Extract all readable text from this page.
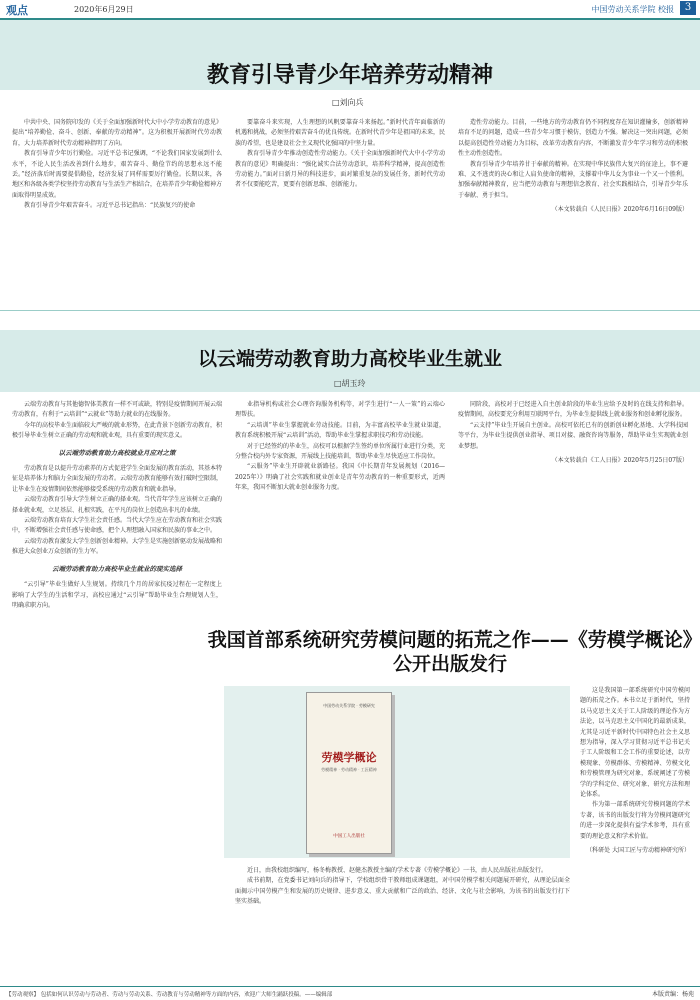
观点	2020年6月29日	中国劳动关系学院 校报	3
教育引导青少年培养劳动精神
□刘向兵

中共中央、国务院印发的《关于全面加强新时代大中小学劳动教育的意见》提出“培养勤俭、奋斗、创新、奉献的劳动精神”。这为积极开展新时代劳动教育，大力培养新时代劳动精神指明了方向。

教育引导青少年厉行勤俭。习近平总书记强调，“不论我们国家发展到什么水平，不论人民生活改善到什么地步，艰苦奋斗、勤俭节约的思想永远不能丢。”经济落后时需要提倡勤俭，经济发展了同样需要厉行勤俭。长期以来，各地区和各级各类学校坚持劳动教育与生活生产相结合，在培养青少年勤俭精神方面取得明显成效。

教育引导青少年艰苦奋斗。习近平总书记指出：“民族复兴的使命

要靠奋斗来实现，人生理想的风帆要靠奋斗来扬起。”新时代青年面临新的机遇和挑战，必须坚持艰苦奋斗的优良传统。在新时代青少年是祖国的未来，民族的希望，也是建设社会主义现代化强国的中坚力量。

教育引导青少年推动创造性劳动能力。《关于全面加强新时代大中小学劳动教育的意见》明确提出：“强化诚实合法劳动意识，培养科学精神，提高创造性劳动能力。”面对日新月异的科技进步，面对繁重复杂的发展任务，新时代劳动者不仅要能吃苦，更要有创新思维、创新能力。

造性劳动能力。目前，一些地方的劳动教育仍不同程度存在知识灌输多，创新精神培育不足的问题，造成一些青少年习惯于模仿，创造力不强。解决这一突出问题，必须以提高创造性劳动能力为目标，改革劳动教育内容，不断激发青少年学习和劳动的积极性主动性创造性。

教育引导青少年培养甘于奉献的精神。在实现中华民族伟大复兴的征途上，事不避难、义不逃责的决心和让人肩负使命的精神，支撑着中华儿女为事业一个又一个胜利。加强奉献精神教育，应当把劳动教育与理想信念教育、社会实践相结合，引导青少年乐于奉献、勇于担当。

（本文转载自《人民日报》2020年6月16日09版）
以云端劳动教育助力高校毕业生就业
□胡玉玲

云端劳动教育与其他德智体美教育一样不可或缺，特别是疫情期间开展云端劳动教育，有利于“云培训”“云就业”等助力就业的在线服务。

今年的高校毕业生面临较大严峻的就业形势，在此背景下创新劳动教育，积极引导毕业生树立正确的劳动观和就业观，具有重要的现实意义。

以云端劳动教育助力高校就业月应对之策

劳动教育是以提升劳动素养的方式促进学生全面发展的教育活动，其基本特征是培养体力和脑力全面发展的劳动者。云端劳动教育能够有效打破时空限制，让毕业生在疫情期间依然能够接受系统的劳动教育和就业指导。

云端劳动教育引导大学生树立正确的择业观。当代青年学生应该树立正确的择业就业观，立足基层、扎根实践，在平凡的岗位上创造出非凡的业绩。

云端劳动教育培育大学生社会责任感。当代大学生应在劳动教育和社会实践中，不断增强社会责任感与使命感，把个人理想融入国家和民族的事业之中。

云端劳动教育激发大学生创新创业精神。大学生是实施创新驱动发展战略和推进大众创业万众创新的生力军。

云端劳动教育助力高校毕业生就业的现实选择

“云引导”毕业生做好人生规划。持续几个月的居家抗疫过程在一定程度上影响了大学生的生活和学习，高校应通过“云引导”帮助毕业生合理规划人生，明确求职方向。

业指导机构或社会心理咨询服务机构等，对学生进行“一人一策”的云端心理帮扶。

“云培训”毕业生掌握就业劳动技能。目前，为丰富高校毕业生就业渠道，教育系统积极开展“云培训”活动，帮助毕业生掌握求职技巧和劳动技能。

对于已经签约的毕业生，高校可以根据学生签约单位所属行业进行分类，充分整合校内外专家资源，开展线上技能培训，帮助毕业生尽快适应工作岗位。

“云服务”毕业生开辟就业新路径。我国《中长期青年发展规划（2016—2025年）》明确了社会实践和就业创业是青年劳动教育的一种重要形式，近两年来，我国不断加大就业创业服务力度。

同阶段，高校对于已经进入自主创业阶段的毕业生应给予及时的在线支持和指导。疫情期间，高校要充分利用互联网平台，为毕业生提供线上就业服务和创业孵化服务。

“云支持”毕业生开展自主创业。高校可依托已有的创新创业孵化基地、大学科技园等平台，为毕业生提供创业指导、项目对接、融资咨询等服务，帮助毕业生实现就业创业梦想。

（本文转载自《工人日报》2020年5月25日07版）
我国首部系统研究劳模问题的拓荒之作——《劳模学概论》公开出版发行
中国劳动关系学院 · 劳模研究
劳模学概论
劳模精神 · 劳动精神 · 工匠精神
中国工人出版社

这是我国第一部系统研究中国劳模问题的拓荒之作。本书立足于新时代，坚持以马克思主义关于工人阶级的理论作为方法论，以马克思主义中国化的最新成果，尤其是习近平新时代中国特色社会主义思想为指导，深入学习贯彻习近平总书记关于工人阶级和工会工作的重要论述，以劳模现象、劳模群体、劳模精神、劳模文化和劳模管理为研究对象，系统阐述了劳模学的学科定位、研究对象、研究方法和理论体系。

作为第一部系统研究劳模问题的学术专著，该书的出版发行将为劳模问题研究的进一步深化提供有益学术参考，具有重要的理论意义和学术价值。

（科研处 大国工匠与劳动精神研究所）

近日，由我校组织编写，杨冬梅教授、赵健杰教授主编的学术专著《劳模学概论》一书，由人民出版社出版发行。

成书前期，在党委书记刘向兵的指导下，学校组织骨干教师组成课题组，对中国劳模学相关问题展开研究，从理论层面全面揭示中国劳模产生和发展的历史规律、进步意义、重大贡献和广泛的政治、经济、文化与社会影响，为该书的出版发行打下坚实基础。

【劳动观察】 包括如何认识劳动与劳动者、劳动与劳动关系、劳动教育与劳动精神等方面的内容，欢迎广大师生踊跃投稿。——编辑部	本版责编：杨苑
